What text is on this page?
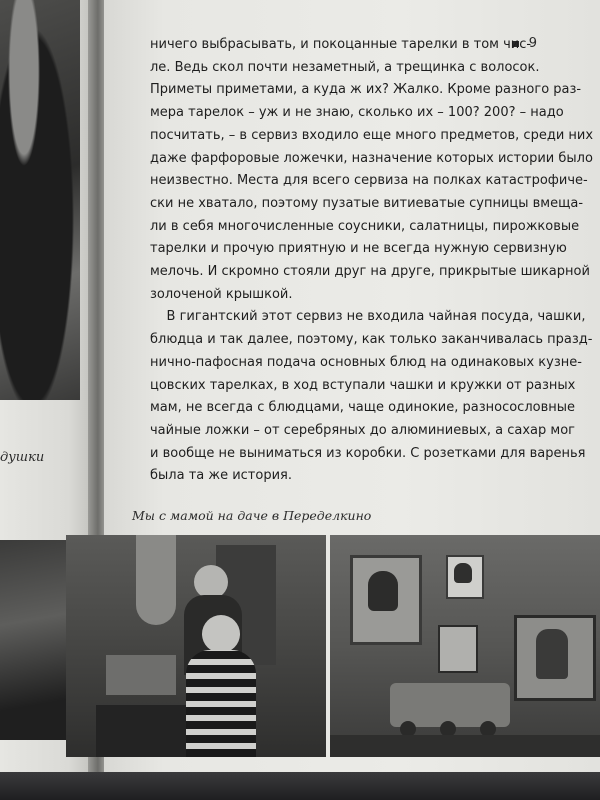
душки
9
ничего выбрасывать, и покоцанные тарелки в том чис-
ле. Ведь скол почти незаметный, а трещинка с волосок.
Приметы приметами, а куда ж их? Жалко. Кроме разного раз-
мера тарелок – уж и не знаю, сколько их – 100? 200? – надо
посчитать, – в сервиз входило еще много предметов, среди них
даже фарфоровые ложечки, назначение которых истории было
неизвестно. Места для всего сервиза на полках катастрофиче-
ски не хватало, поэтому пузатые витиеватые супницы вмеща-
ли в себя многочисленные соусники, салатницы, пирожковые
тарелки и прочую приятную и не всегда нужную сервизную
мелочь. И скромно стояли друг на друге, прикрытые шикарной
золоченой крышкой.
В гигантский этот сервиз не входила чайная посуда, чашки,
блюдца и так далее, поэтому, как только заканчивалась празд-
нично-пафосная подача основных блюд на одинаковых кузне-
цовских тарелках, в ход вступали чашки и кружки от разных
мам, не всегда с блюдцами, чаще одинокие, разносословные
чайные ложки – от серебряных до алюминиевых, а сахар мог
и вообще не выниматься из коробки. С розетками для варенья
была та же история.
Мы с мамой на даче в Переделкино
